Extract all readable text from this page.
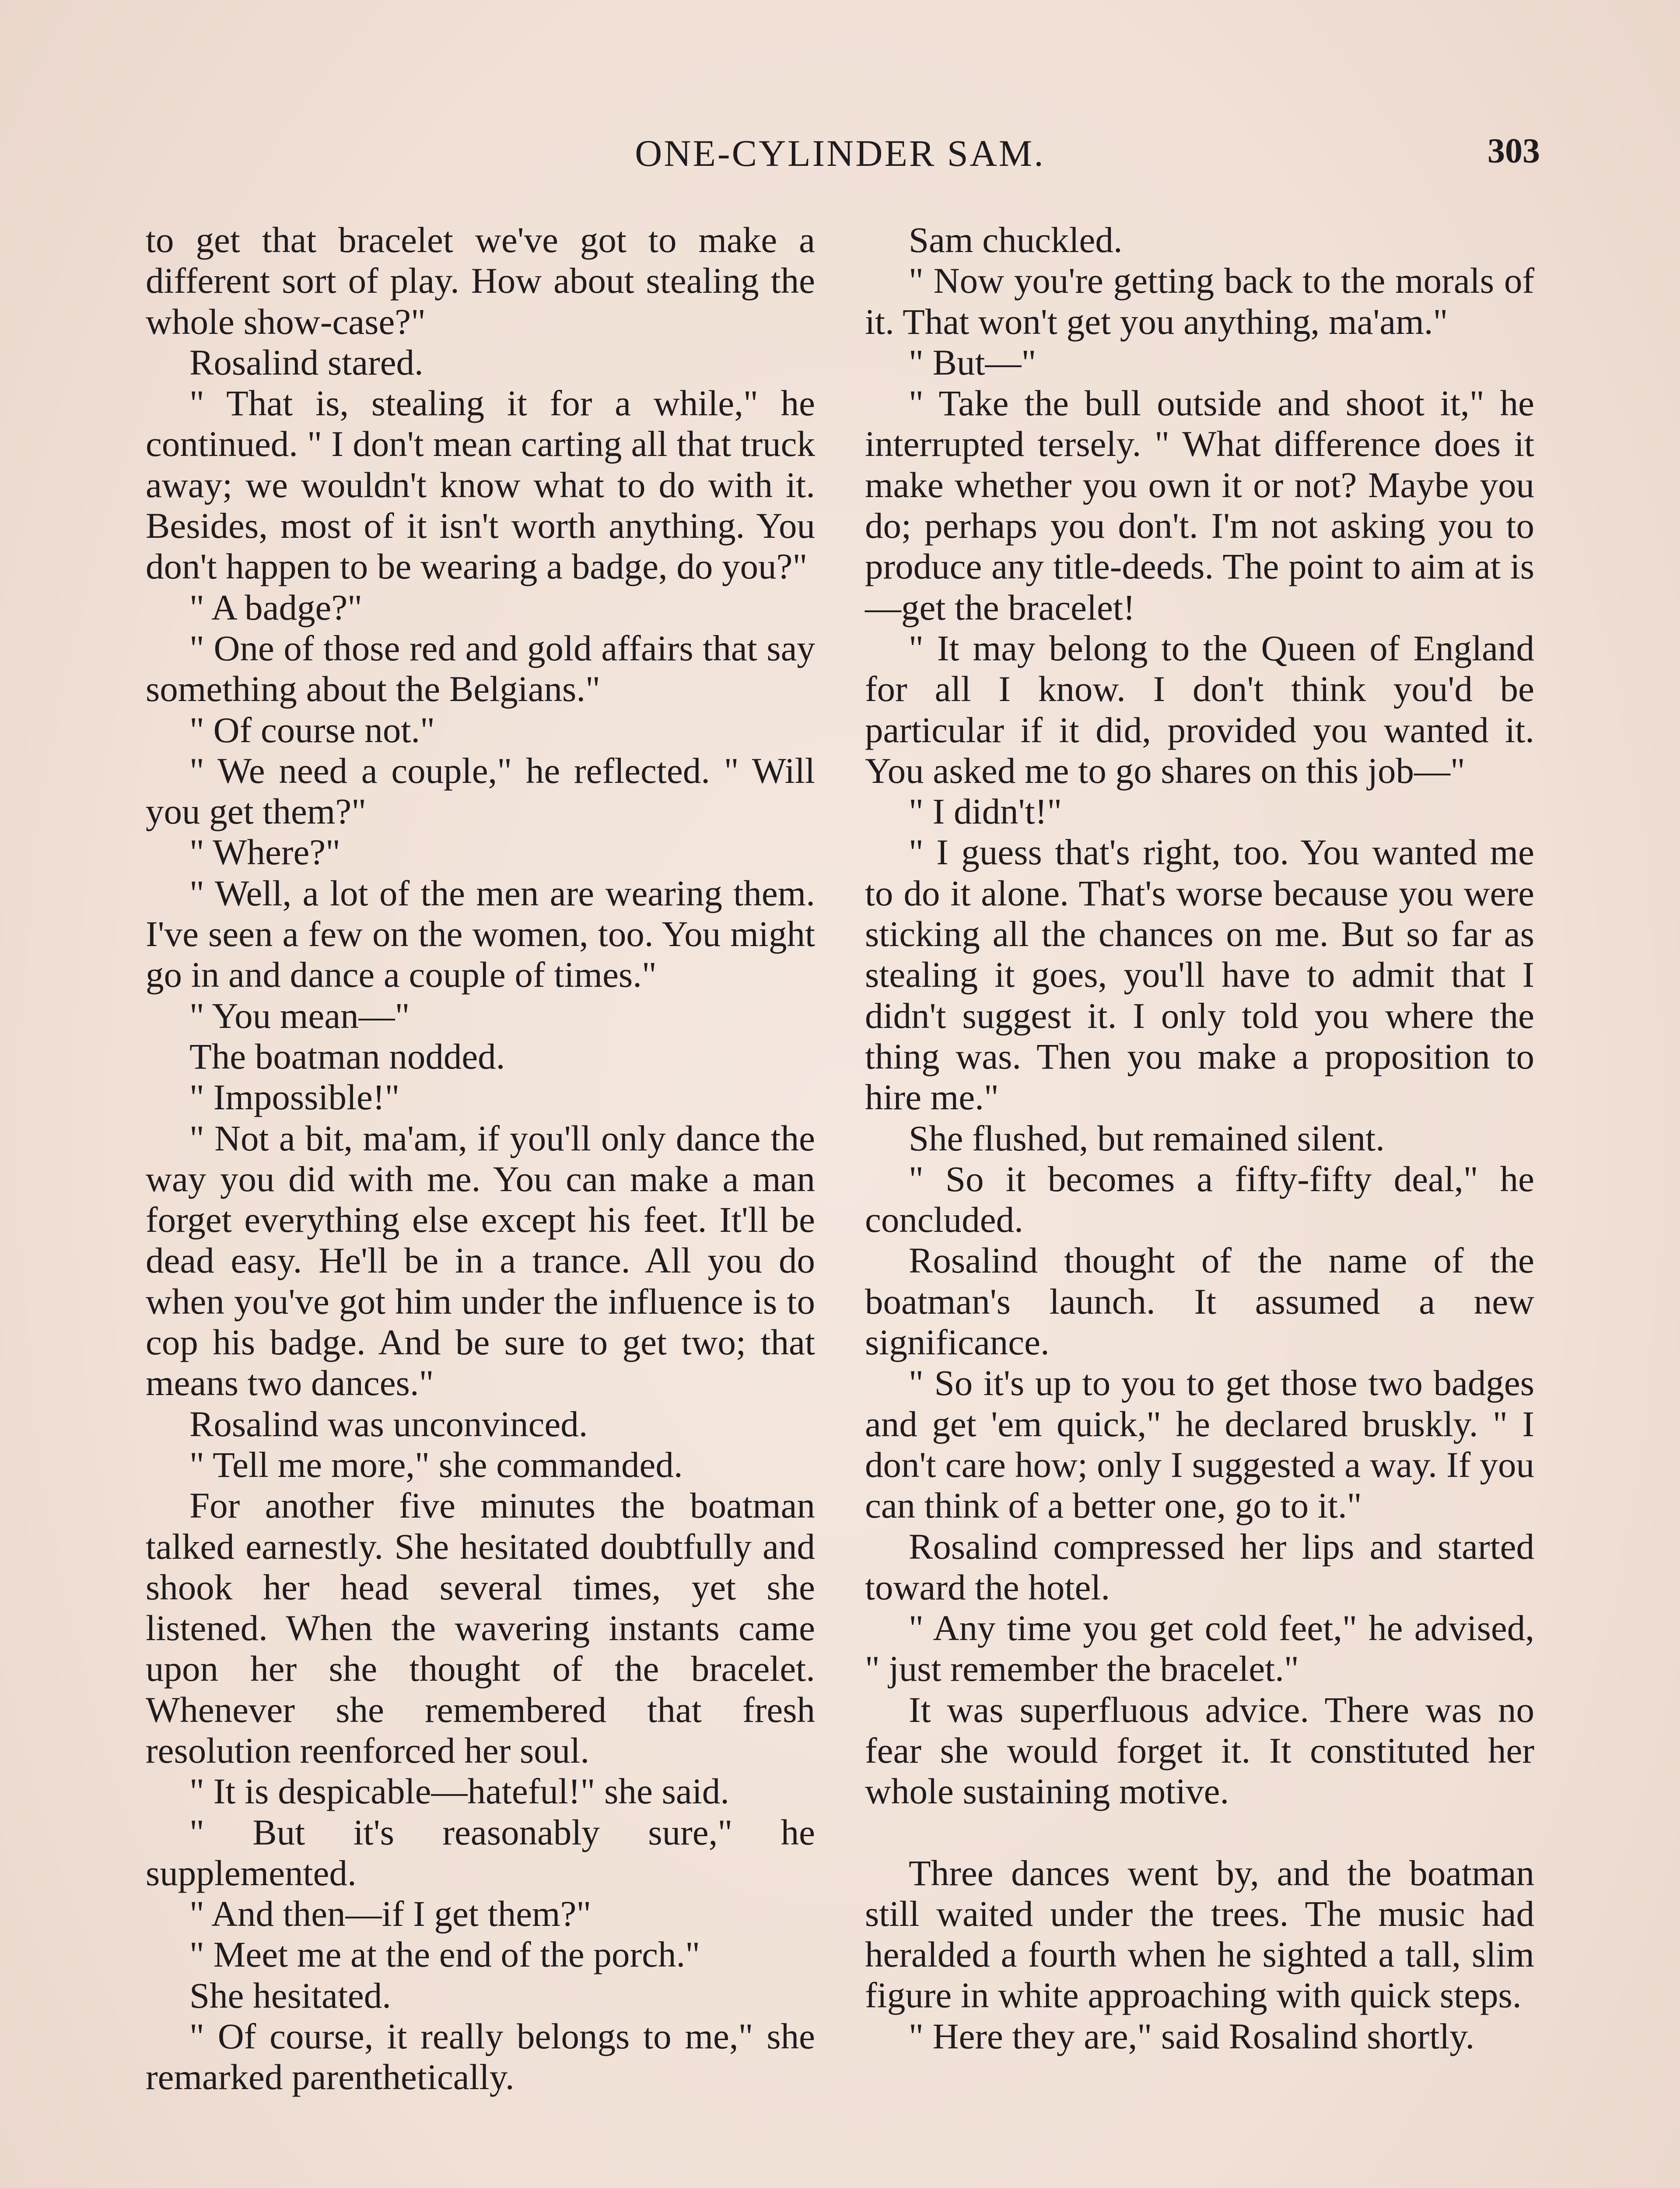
ONE-CYLINDER SAM.	303

to get that bracelet we've got to make a different sort of play. How about stealing the whole show-case?"

Rosalind stared.

" That is, stealing it for a while," he continued. " I don't mean carting all that truck away; we wouldn't know what to do with it. Besides, most of it isn't worth anything. You don't happen to be wearing a badge, do you?"

" A badge?"

" One of those red and gold affairs that say something about the Belgians."

" Of course not."

" We need a couple," he reflected. " Will you get them?"

" Where?"

" Well, a lot of the men are wearing them. I've seen a few on the women, too. You might go in and dance a couple of times."

" You mean—"

The boatman nodded.

" Impossible!"

" Not a bit, ma'am, if you'll only dance the way you did with me. You can make a man forget everything else except his feet. It'll be dead easy. He'll be in a trance. All you do when you've got him under the influence is to cop his badge. And be sure to get two; that means two dances."

Rosalind was unconvinced.

" Tell me more," she commanded.

For another five minutes the boatman talked earnestly. She hesitated doubtfully and shook her head several times, yet she listened. When the wavering instants came upon her she thought of the bracelet. Whenever she remembered that fresh resolution reenforced her soul.

" It is despicable—hateful!" she said.

" But it's reasonably sure," he supplemented.

" And then—if I get them?"

" Meet me at the end of the porch."

She hesitated.

" Of course, it really belongs to me," she remarked parenthetically.

Sam chuckled.

" Now you're getting back to the morals of it. That won't get you anything, ma'am."

" But—"

" Take the bull outside and shoot it," he interrupted tersely. " What difference does it make whether you own it or not? Maybe you do; perhaps you don't. I'm not asking you to produce any title-deeds. The point to aim at is—get the bracelet!

" It may belong to the Queen of England for all I know. I don't think you'd be particular if it did, provided you wanted it. You asked me to go shares on this job—"

" I didn't!"

" I guess that's right, too. You wanted me to do it alone. That's worse because you were sticking all the chances on me. But so far as stealing it goes, you'll have to admit that I didn't suggest it. I only told you where the thing was. Then you make a proposition to hire me."

She flushed, but remained silent.

" So it becomes a fifty-fifty deal," he concluded.

Rosalind thought of the name of the boatman's launch. It assumed a new significance.

" So it's up to you to get those two badges and get 'em quick," he declared bruskly. " I don't care how; only I suggested a way. If you can think of a better one, go to it."

Rosalind compressed her lips and started toward the hotel.

" Any time you get cold feet," he advised, " just remember the bracelet."

It was superfluous advice. There was no fear she would forget it. It constituted her whole sustaining motive.

Three dances went by, and the boatman still waited under the trees. The music had heralded a fourth when he sighted a tall, slim figure in white approaching with quick steps.

" Here they are," said Rosalind shortly.
